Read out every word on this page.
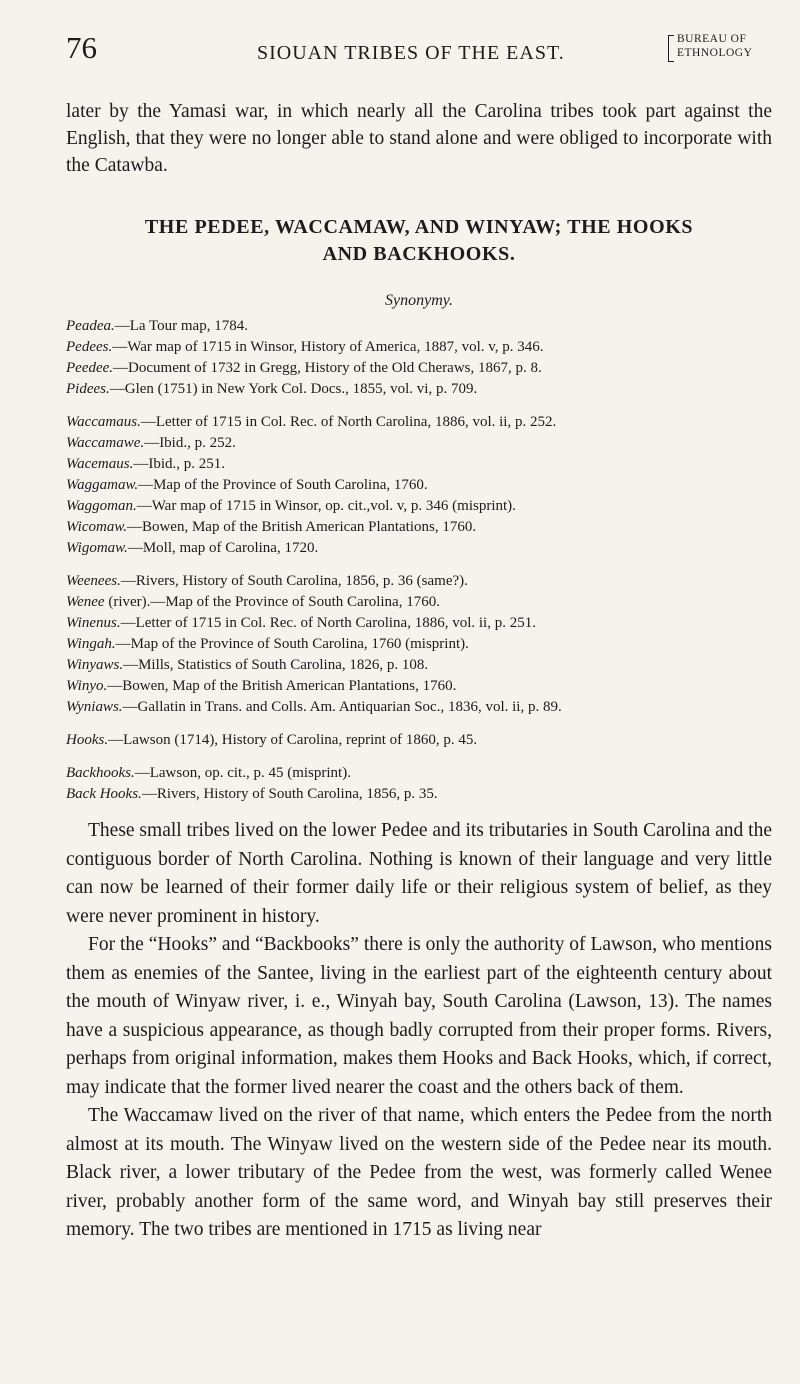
76	SIOUAN TRIBES OF THE EAST.
BUREAU OF
ETHNOLOGY

later by the Yamasi war, in which nearly all the Carolina tribes took part against the English, that they were no longer able to stand alone and were obliged to incorporate with the Catawba.

THE PEDEE, WACCAMAW, AND WINYAW; THE HOOKS
AND BACKHOOKS.
Synonymy.
Peadea.—La Tour map, 1784.
Pedees.—War map of 1715 in Winsor, History of America, 1887, vol. v, p. 346.
Peedee.—Document of 1732 in Gregg, History of the Old Cheraws, 1867, p. 8.
Pidees.—Glen (1751) in New York Col. Docs., 1855, vol. vi, p. 709.
Waccamaus.—Letter of 1715 in Col. Rec. of North Carolina, 1886, vol. ii, p. 252.
Waccamawe.—Ibid., p. 252.
Wacemaus.—Ibid., p. 251.
Waggamaw.—Map of the Province of South Carolina, 1760.
Waggoman.—War map of 1715 in Winsor, op. cit.,vol. v, p. 346 (misprint).
Wicomaw.—Bowen, Map of the British American Plantations, 1760.
Wigomaw.—Moll, map of Carolina, 1720.
Weenees.—Rivers, History of South Carolina, 1856, p. 36 (same?).
Wenee (river).—Map of the Province of South Carolina, 1760.
Winenus.—Letter of 1715 in Col. Rec. of North Carolina, 1886, vol. ii, p. 251.
Wingah.—Map of the Province of South Carolina, 1760 (misprint).
Winyaws.—Mills, Statistics of South Carolina, 1826, p. 108.
Winyo.—Bowen, Map of the British American Plantations, 1760.
Wyniaws.—Gallatin in Trans. and Colls. Am. Antiquarian Soc., 1836, vol. ii, p. 89.
Hooks.—Lawson (1714), History of Carolina, reprint of 1860, p. 45.
Backhooks.—Lawson, op. cit., p. 45 (misprint).
Back Hooks.—Rivers, History of South Carolina, 1856, p. 35.

These small tribes lived on the lower Pedee and its tributaries in South Carolina and the contiguous border of North Carolina. Nothing is known of their language and very little can now be learned of their former daily life or their religious system of belief, as they were never prominent in history.

For the “Hooks” and “Backbooks” there is only the authority of Lawson, who mentions them as enemies of the Santee, living in the earliest part of the eighteenth century about the mouth of Winyaw river, i. e., Winyah bay, South Carolina (Lawson, 13). The names have a suspicious appearance, as though badly corrupted from their proper forms. Rivers, perhaps from original information, makes them Hooks and Back Hooks, which, if correct, may indicate that the former lived nearer the coast and the others back of them.

The Waccamaw lived on the river of that name, which enters the Pedee from the north almost at its mouth. The Winyaw lived on the western side of the Pedee near its mouth. Black river, a lower tributary of the Pedee from the west, was formerly called Wenee river, probably another form of the same word, and Winyah bay still preserves their memory. The two tribes are mentioned in 1715 as living near
